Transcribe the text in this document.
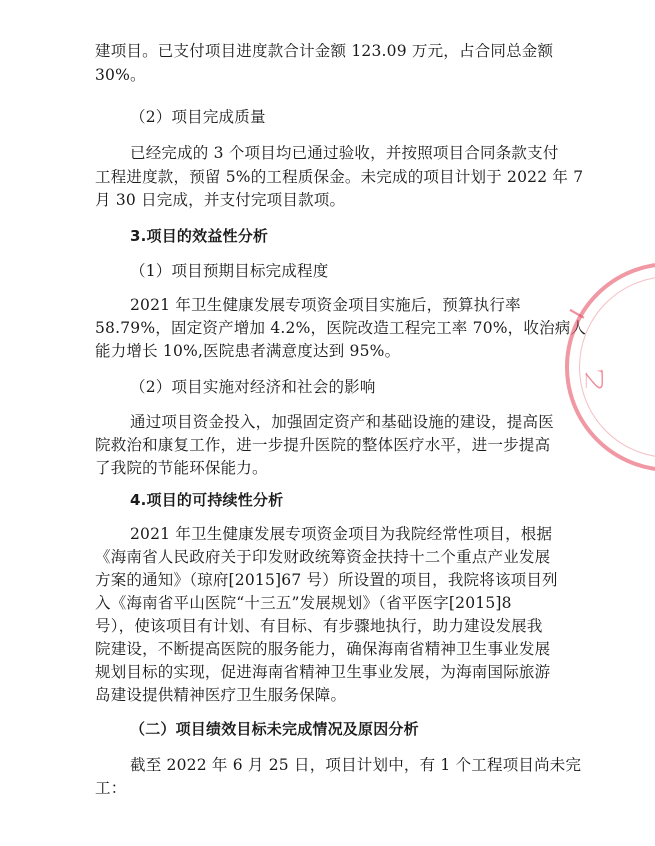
建项目。已支付项目进度款合计金额 123.09 万元，占合同总金额
30%。
（2）项目完成质量
已经完成的 3 个项目均已通过验收，并按照项目合同条款支付
工程进度款，预留 5%的工程质保金。未完成的项目计划于 2022 年 7
月 30 日完成，并支付完项目款项。
3.项目的效益性分析
（1）项目预期目标完成程度
2021 年卫生健康发展专项资金项目实施后，预算执行率
58.79%，固定资产增加 4.2%，医院改造工程完工率 70%，收治病人
能力增长 10%,医院患者满意度达到 95%。
（2）项目实施对经济和社会的影响
通过项目资金投入，加强固定资产和基础设施的建设，提高医
院救治和康复工作，进一步提升医院的整体医疗水平，进一步提高
了我院的节能环保能力。
4.项目的可持续性分析
2021 年卫生健康发展专项资金项目为我院经常性项目，根据
《海南省人民政府关于印发财政统筹资金扶持十二个重点产业发展
方案的通知》（琼府[2015]67 号）所设置的项目，我院将该项目列
入《海南省平山医院“十三五”发展规划》（省平医字[2015]8
号），使该项目有计划、有目标、有步骤地执行，助力建设发展我
院建设，不断提高医院的服务能力，确保海南省精神卫生事业发展
规划目标的实现，促进海南省精神卫生事业发展，为海南国际旅游
岛建设提供精神医疗卫生服务保障。
（二）项目绩效目标未完成情况及原因分析
截至 2022 年 6 月 25 日，项目计划中，有 1 个工程项目尚未完
工：
Ⅰ
乙
